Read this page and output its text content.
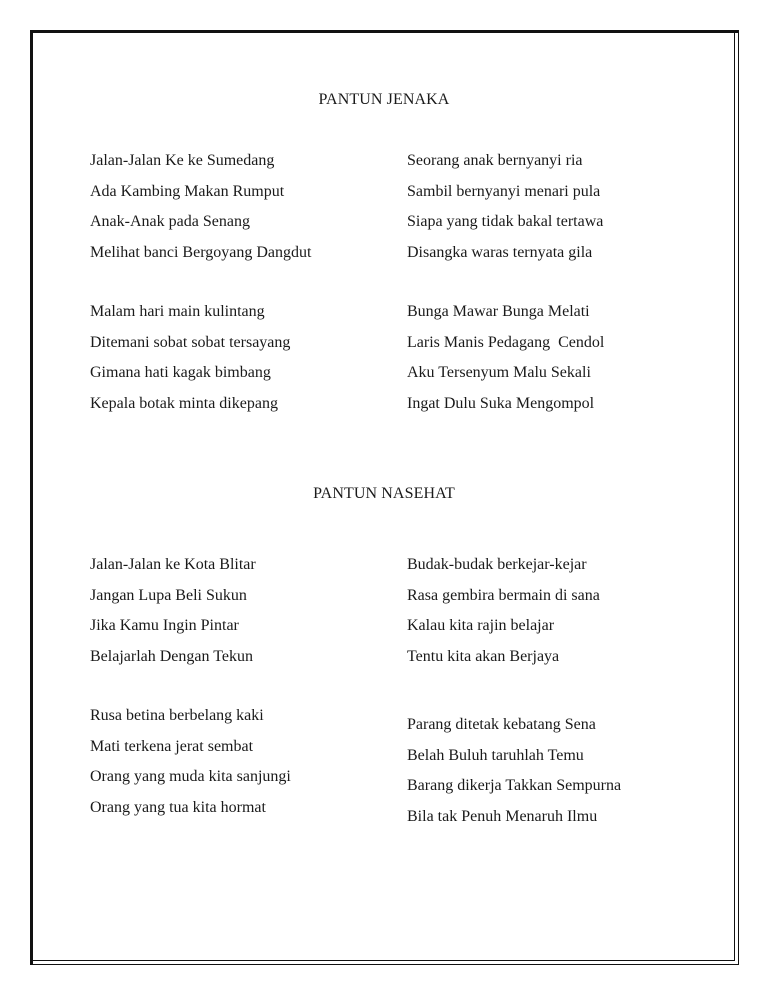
PANTUN JENAKA
Jalan-Jalan Ke ke Sumedang
Ada Kambing Makan Rumput
Anak-Anak pada Senang
Melihat banci Bergoyang Dangdut
Seorang anak bernyanyi ria
Sambil bernyanyi menari pula
Siapa yang tidak bakal tertawa
Disangka waras ternyata gila
Malam hari main kulintang
Ditemani sobat sobat tersayang
Gimana hati kagak bimbang
Kepala botak minta dikepang
Bunga Mawar Bunga Melati
Laris Manis Pedagang  Cendol
Aku Tersenyum Malu Sekali
Ingat Dulu Suka Mengompol
PANTUN NASEHAT
Jalan-Jalan ke Kota Blitar
Jangan Lupa Beli Sukun
Jika Kamu Ingin Pintar
Belajarlah Dengan Tekun
Budak-budak berkejar-kejar
Rasa gembira bermain di sana
Kalau kita rajin belajar
Tentu kita akan Berjaya
Rusa betina berbelang kaki
Mati terkena jerat sembat
Orang yang muda kita sanjungi
Orang yang tua kita hormat
Parang ditetak kebatang Sena
Belah Buluh taruhlah Temu
Barang dikerja Takkan Sempurna
Bila tak Penuh Menaruh Ilmu
